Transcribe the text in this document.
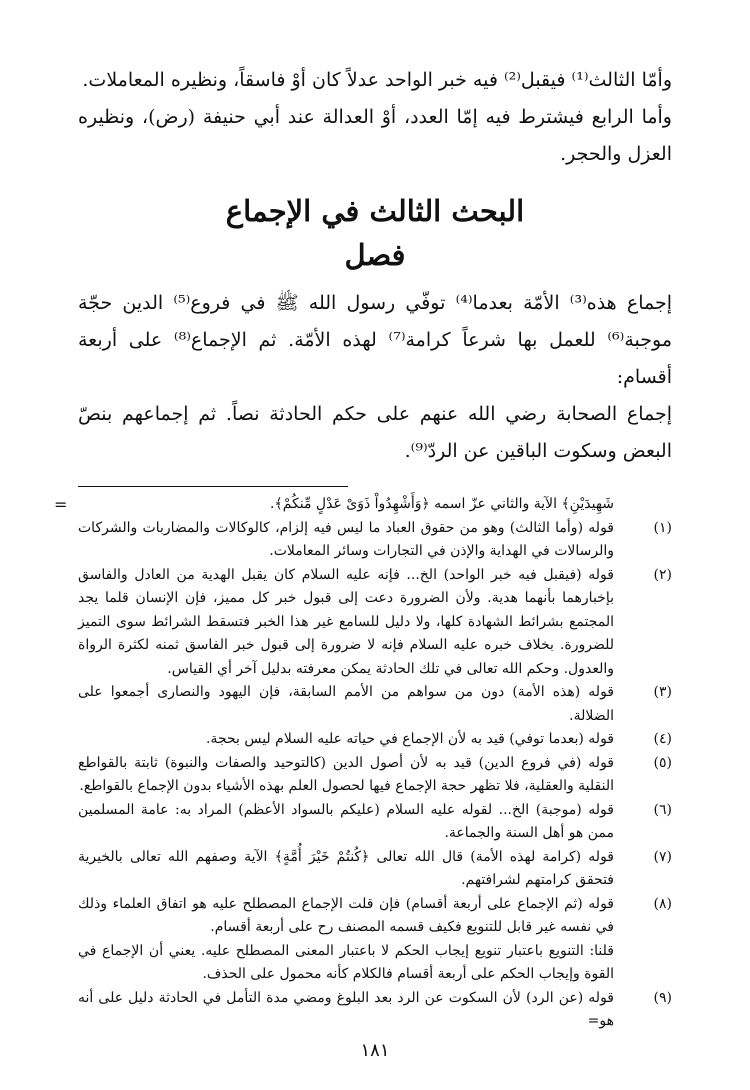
وأمّا الثالث⁽¹⁾ فيقبل⁽²⁾ فيه خبر الواحد عدلاً كان أوْ فاسقاً، ونظيره المعاملات.

وأما الرابع فيشترط فيه إمّا العدد، أوْ العدالة عند أبي حنيفة (رض)، ونظيره العزل والحجر.

البحث الثالث في الإجماع
فصل

إجماع هذه⁽³⁾ الأمّة بعدما⁽⁴⁾ توفّي رسول الله ﷺ في فروع⁽⁵⁾ الدين حجّة موجبة⁽⁶⁾ للعمل بها شرعاً كرامة⁽⁷⁾ لهذه الأمّة. ثم الإجماع⁽⁸⁾ على أربعة أقسام:

إجماع الصحابة رضي الله عنهم على حكم الحادثة نصاً. ثم إجماعهم بنصّ البعض وسكوت الباقين عن الردّ⁽⁹⁾.

=	شَهِيدَيْنِ﴾ الآية والثاني عزّ اسمه ﴿وَأَشْهِدُواْ ذَوَىْ عَدْلٍ مِّنكُمْ﴾.
(١)
قوله (وأما الثالث) وهو من حقوق العباد ما ليس فيه إلزام، كالوكالات والمضاربات والشركات والرسالات في الهداية والإذن في التجارات وسائر المعاملات.
(٢)
قوله (فيقبل فيه خبر الواحد) الخ... فإنه عليه السلام كان يقبل الهدية من العادل والفاسق بإخبارهما بأنهما هدية. ولأن الضرورة دعت إلى قبول خبر كل مميز، فإن الإنسان قلما يجد المجتمع بشرائط الشهادة كلها، ولا دليل للسامع غير هذا الخبر فتسقط الشرائط سوى التميز للضرورة. بخلاف خبره عليه السلام فإنه لا ضرورة إلى قبول خبر الفاسق ثمنه لكثرة الرواة والعدول. وحكم الله تعالى في تلك الحادثة يمكن معرفته بدليل آخر أي القياس.
(٣)
قوله (هذه الأمة) دون من سواهم من الأمم السابقة، فإن اليهود والنصارى أجمعوا على الضلالة.
(٤)
قوله (بعدما توفي) قيد به لأن الإجماع في حياته عليه السلام ليس بحجة.
(٥)
قوله (في فروع الدين) قيد به لأن أصول الدين (كالتوحيد والصفات والنبوة) ثابتة بالقواطع النقلية والعقلية، فلا تظهر حجة الإجماع فيها لحصول العلم بهذه الأشياء بدون الإجماع بالقواطع.
(٦)
قوله (موجبة) الخ... لقوله عليه السلام (عليكم بالسواد الأعظم) المراد به: عامة المسلمين ممن هو أهل السنة والجماعة.
(٧)
قوله (كرامة لهذه الأمة) قال الله تعالى ﴿كُنتُمْ خَيْرَ أُمَّةٍ﴾ الآية وصفهم الله تعالى بالخيرية فتحقق كرامتهم لشرافتهم.
(٨)
قوله (ثم الإجماع على أربعة أقسام) فإن قلت الإجماع المصطلح عليه هو اتفاق العلماء وذلك في نفسه غير قابل للتنويع فكيف قسمه المصنف رح على أربعة أقسام.
قلنا: التنويع باعتبار تنويع إيجاب الحكم لا باعتبار المعنى المصطلح عليه. يعني أن الإجماع في القوة وإيجاب الحكم على أربعة أقسام فالكلام كأنه محمول على الحذف.
(٩)
قوله (عن الرد) لأن السكوت عن الرد بعد البلوغ ومضي مدة التأمل في الحادثة دليل على أنه هو=
١٨١
